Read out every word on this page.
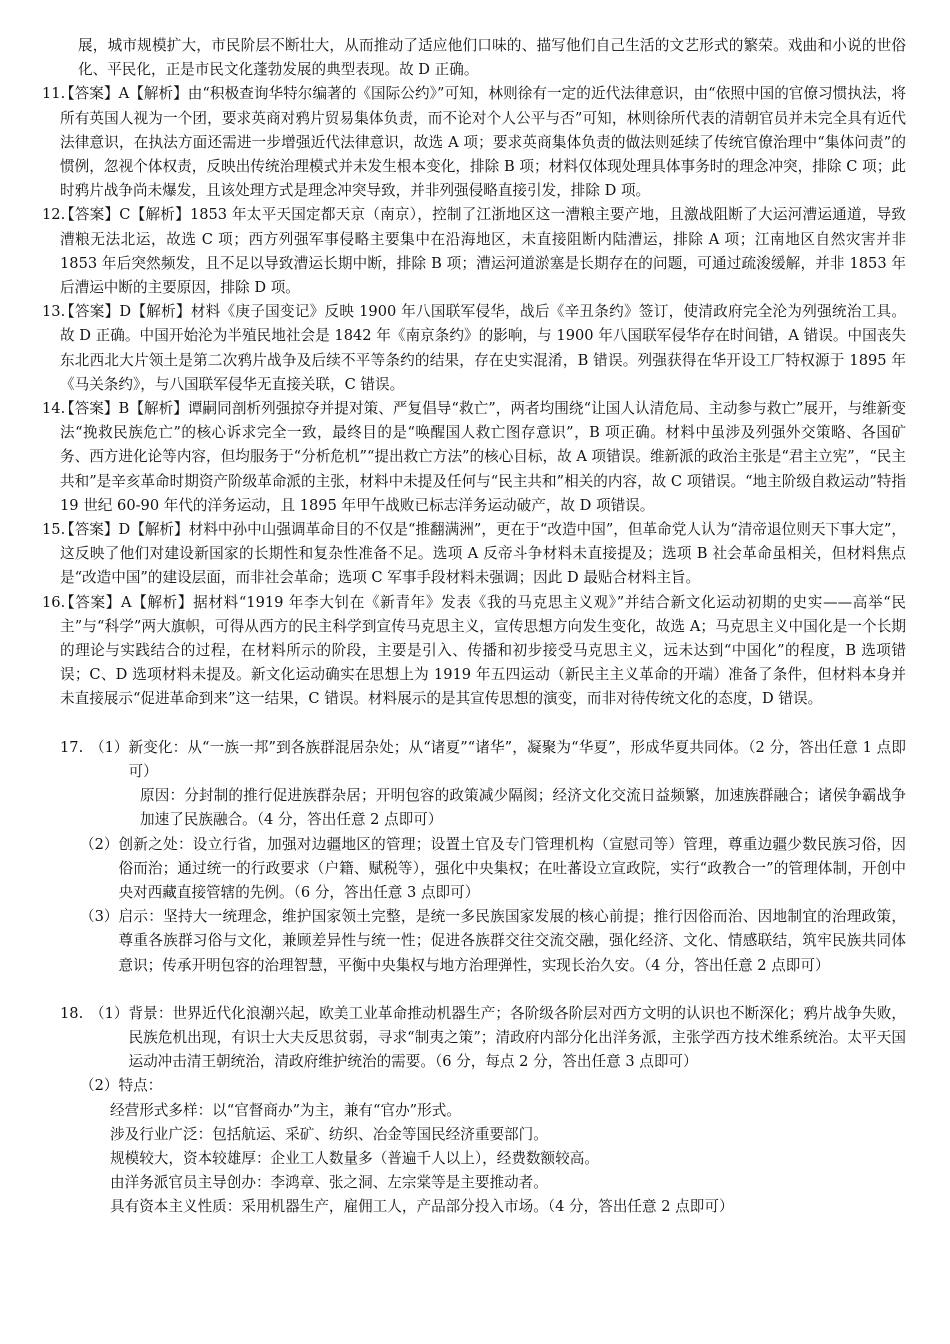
展，城市规模扩大，市民阶层不断壮大，从而推动了适应他们口味的、描写他们自己生活的文艺形式的繁荣。戏曲和小说的世俗化、平民化，正是市民文化蓬勃发展的典型表现。故 D 正确。

11.
【答案】A【解析】由“积极查询华特尔编著的《国际公约》”可知，林则徐有一定的近代法律意识，由“依照中国的官僚习惯执法，将所有英国人视为一个团，要求英商对鸦片贸易集体负责，而不论对个人公平与否”可知，林则徐所代表的清朝官员并未完全具有近代法律意识，在执法方面还需进一步增强近代法律意识，故选 A 项；要求英商集体负责的做法则延续了传统官僚治理中“集体问责”的惯例，忽视个体权责，反映出传统治理模式并未发生根本变化，排除 B 项；材料仅体现处理具体事务时的理念冲突，排除 C 项；此时鸦片战争尚未爆发，且该处理方式是理念冲突导致，并非列强侵略直接引发，排除 D 项。

12.
【答案】C【解析】1853 年太平天国定都天京（南京），控制了江浙地区这一漕粮主要产地，且激战阻断了大运河漕运通道，导致漕粮无法北运，故选 C 项；西方列强军事侵略主要集中在沿海地区，未直接阻断内陆漕运，排除 A 项；江南地区自然灾害并非 1853 年后突然频发，且不足以导致漕运长期中断，排除 B 项；漕运河道淤塞是长期存在的问题，可通过疏浚缓解，并非 1853 年后漕运中断的主要原因，排除 D 项。

13.
【答案】D【解析】材料《庚子国变记》反映 1900 年八国联军侵华，战后《辛丑条约》签订，使清政府完全沦为列强统治工具。故 D 正确。中国开始沦为半殖民地社会是 1842 年《南京条约》的影响，与 1900 年八国联军侵华存在时间错，A 错误。中国丧失东北西北大片领土是第二次鸦片战争及后续不平等条约的结果，存在史实混淆，B 错误。列强获得在华开设工厂特权源于 1895 年《马关条约》，与八国联军侵华无直接关联，C 错误。

14.
【答案】B【解析】谭嗣同剖析列强掠夺并提对策、严复倡导“救亡”，两者均围绕“让国人认清危局、主动参与救亡”展开，与维新变法“挽救民族危亡”的核心诉求完全一致，最终目的是“唤醒国人救亡图存意识”，B 项正确。材料中虽涉及列强外交策略、各国矿务、西方进化论等内容，但均服务于“分析危机”“提出救亡方法”的核心目标，故 A 项错误。维新派的政治主张是“君主立宪”，“民主共和”是辛亥革命时期资产阶级革命派的主张，材料中未提及任何与“民主共和”相关的内容，故 C 项错误。“地主阶级自救运动”特指 19 世纪 60-90 年代的洋务运动，且 1895 年甲午战败已标志洋务运动破产，故 D 项错误。

15.
【答案】D【解析】材料中孙中山强调革命目的不仅是“推翻满洲”，更在于“改造中国”，但革命党人认为“清帝退位则天下事大定”，这反映了他们对建设新国家的长期性和复杂性准备不足。选项 A 反帝斗争材料未直接提及；选项 B 社会革命虽相关，但材料焦点是“改造中国”的建设层面，而非社会革命；选项 C 军事手段材料未强调；因此 D 最贴合材料主旨。

16.
【答案】A【解析】据材料“1919 年李大钊在《新青年》发表《我的马克思主义观》”并结合新文化运动初期的史实——高举“民主”与“科学”两大旗帜，可得从西方的民主科学到宣传马克思主义，宣传思想方向发生变化，故选 A；马克思主义中国化是一个长期的理论与实践结合的过程，在材料所示的阶段，主要是引入、传播和初步接受马克思主义，远未达到“中国化”的程度，B 选项错误；C、D 选项材料未提及。新文化运动确实在思想上为 1919 年五四运动（新民主主义革命的开端）准备了条件，但材料本身并未直接展示“促进革命到来”这一结果，C 错误。材料展示的是其宣传思想的演变，而非对待传统文化的态度，D 错误。

17. （1） 新变化：从“一族一邦”到各族群混居杂处；从“诸夏”“诸华”，凝聚为“华夏”，形成华夏共同体。（2 分，答出任意 1 点即可）

原因：分封制的推行促进族群杂居；开明包容的政策减少隔阂；经济文化交流日益频繁，加速族群融合；诸侯争霸战争加速了民族融合。（4 分，答出任意 2 点即可）

（2） 创新之处：设立行省，加强对边疆地区的管理；设置土官及专门管理机构（宣慰司等）管理，尊重边疆少数民族习俗，因俗而治；通过统一的行政要求（户籍、赋税等），强化中央集权；在吐蕃设立宣政院，实行“政教合一”的管理体制，开创中央对西藏直接管辖的先例。（6 分，答出任意 3 点即可）
（3） 启示：坚持大一统理念，维护国家领土完整，是统一多民族国家发展的核心前提；推行因俗而治、因地制宜的治理政策，尊重各族群习俗与文化，兼顾差异性与统一性；促进各族群交往交流交融，强化经济、文化、情感联结，筑牢民族共同体意识；传承开明包容的治理智慧，平衡中央集权与地方治理弹性，实现长治久安。（4 分，答出任意 2 点即可）
18. （1） 背景：世界近代化浪潮兴起，欧美工业革命推动机器生产；各阶级各阶层对西方文明的认识也不断深化；鸦片战争失败，民族危机出现，有识士大夫反思贫弱，寻求“制夷之策”；清政府内部分化出洋务派，主张学西方技术维系统治。太平天国运动冲击清王朝统治，清政府维护统治的需要。（6 分，每点 2 分，答出任意 3 点即可）
（2） 特点：

经营形式多样：以“官督商办”为主，兼有“官办”形式。

涉及行业广泛：包括航运、采矿、纺织、冶金等国民经济重要部门。

规模较大，资本较雄厚：企业工人数量多（普遍千人以上），经费数额较高。

由洋务派官员主导创办：李鸿章、张之洞、左宗棠等是主要推动者。

具有资本主义性质：采用机器生产，雇佣工人，产品部分投入市场。（4 分，答出任意 2 点即可）
